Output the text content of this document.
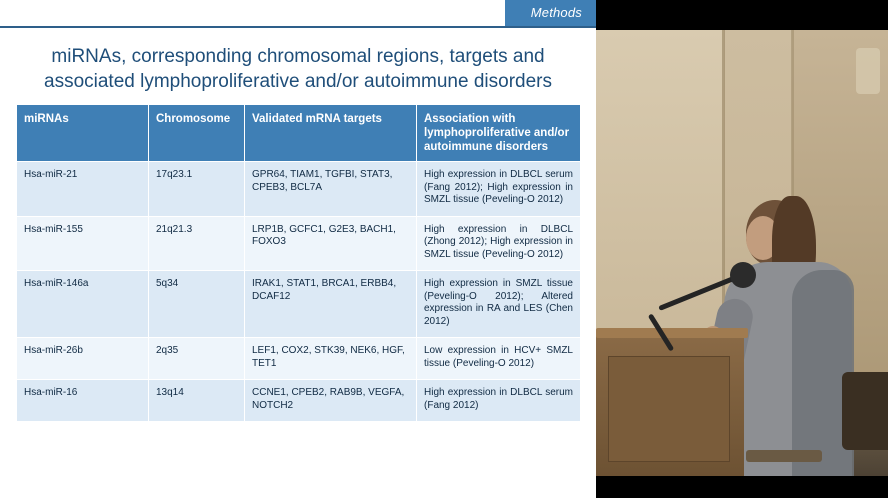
Methods
miRNAs, corresponding chromosomal regions, targets and
associated lymphoproliferative and/or autoimmune disorders
miRNAs	Chromosome	Validated mRNA targets	Association with lymphoproliferative and/or autoimmune disorders
Hsa-miR-21	17q23.1	GPR64, TIAM1, TGFBI, STAT3, CPEB3, BCL7A	High expression in DLBCL serum (Fang 2012); High expression in SMZL tissue (Peveling-O 2012)
Hsa-miR-155	21q21.3	LRP1B, GCFC1, G2E3, BACH1, FOXO3	High expression in DLBCL (Zhong 2012); High expression in SMZL tissue (Peveling-O 2012)
Hsa-miR-146a	5q34	IRAK1, STAT1, BRCA1, ERBB4, DCAF12	High expression in SMZL tissue (Peveling-O 2012); Altered expression in RA and LES (Chen 2012)
Hsa-miR-26b	2q35	LEF1, COX2, STK39, NEK6, HGF, TET1	Low expression in HCV+ SMZL tissue (Peveling-O 2012)
Hsa-miR-16	13q14	CCNE1, CPEB2, RAB9B, VEGFA, NOTCH2	High expression in DLBCL serum (Fang 2012)
